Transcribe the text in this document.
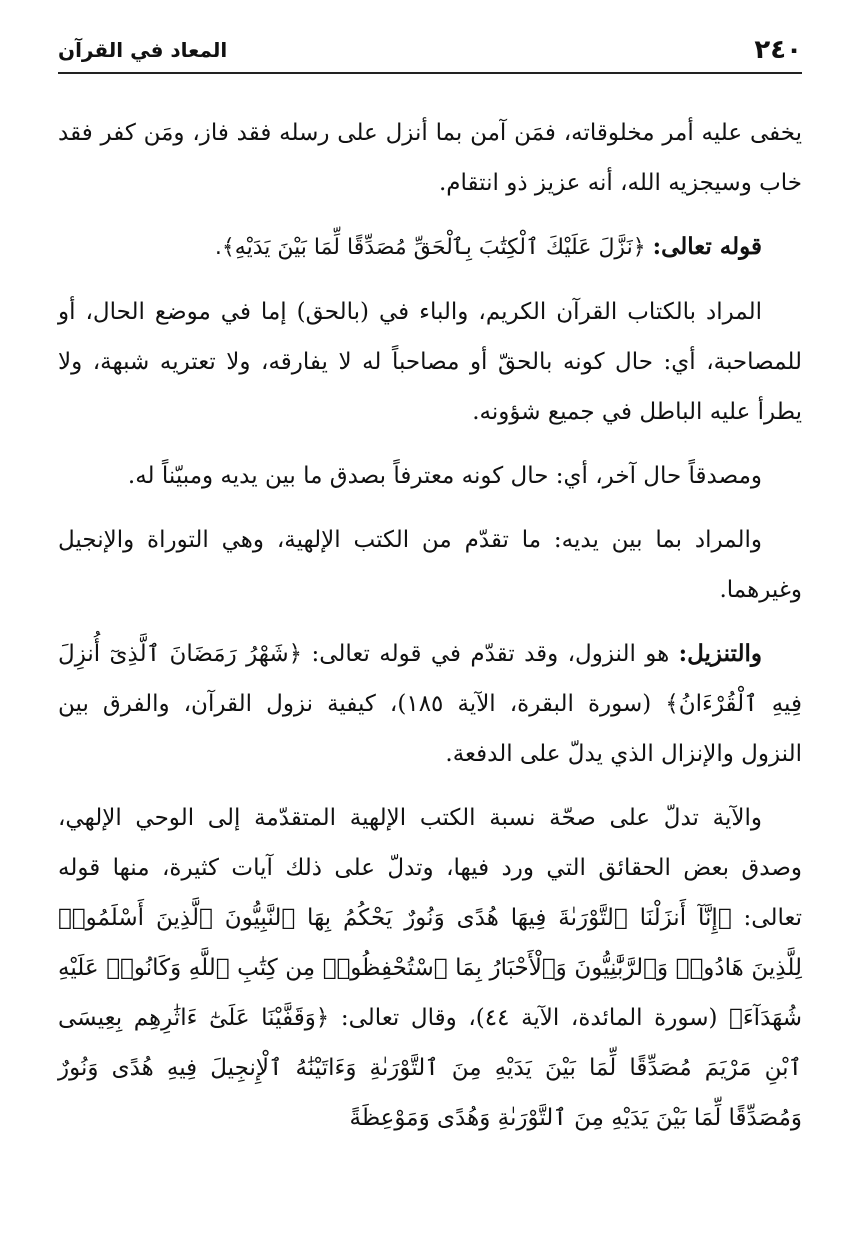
٢٤٠
المعاد في القرآن

يخفى عليه أمر مخلوقاته، فمَن آمن بما أنزل على رسله فقد فاز، ومَن كفر فقد خاب وسيجزيه الله، أنه عزيز ذو انتقام.

قوله تعالى: ﴿نَزَّلَ عَلَيْكَ ٱلْكِتَٰبَ بِٱلْحَقِّ مُصَدِّقًا لِّمَا بَيْنَ يَدَيْهِ﴾.

المراد بالكتاب القرآن الكريم، والباء في (بالحق) إما في موضع الحال، أو للمصاحبة، أي: حال كونه بالحقّ أو مصاحباً له لا يفارقه، ولا تعتريه شبهة، ولا يطرأ عليه الباطل في جميع شؤونه.

ومصدقاً حال آخر، أي: حال كونه معترفاً بصدق ما بين يديه ومبيّناً له.

والمراد بما بين يديه: ما تقدّم من الكتب الإلهية، وهي التوراة والإنجيل وغيرهما.

والتنزيل: هو النزول، وقد تقدّم في قوله تعالى: ﴿شَهْرُ رَمَضَانَ ٱلَّذِىٓ أُنزِلَ فِيهِ ٱلْقُرْءَانُ﴾ (سورة البقرة، الآية ١٨٥)، كيفية نزول القرآن، والفرق بين النزول والإنزال الذي يدلّ على الدفعة.

والآية تدلّ على صحّة نسبة الكتب الإلهية المتقدّمة إلى الوحي الإلهي، وصدق بعض الحقائق التي ورد فيها، وتدلّ على ذلك آيات كثيرة، منها قوله تعالى: ﴿إِنَّآ أَنزَلْنَا ٱلتَّوْرَىٰةَ فِيهَا هُدًى وَنُورٌ يَحْكُمُ بِهَا ٱلنَّبِيُّونَ ٱلَّذِينَ أَسْلَمُوا۟ لِلَّذِينَ هَادُوا۟ وَٱلرَّبَّٰنِيُّونَ وَٱلْأَحْبَارُ بِمَا ٱسْتُحْفِظُوا۟ مِن كِتَٰبِ ٱللَّهِ وَكَانُوا۟ عَلَيْهِ شُهَدَآءَ﴾ (سورة المائدة، الآية ٤٤)، وقال تعالى: ﴿وَقَفَّيْنَا عَلَىٰٓ ءَاثَٰرِهِم بِعِيسَى ٱبْنِ مَرْيَمَ مُصَدِّقًا لِّمَا بَيْنَ يَدَيْهِ مِنَ ٱلتَّوْرَىٰةِ وَءَاتَيْنَٰهُ ٱلْإِنجِيلَ فِيهِ هُدًى وَنُورٌ وَمُصَدِّقًا لِّمَا بَيْنَ يَدَيْهِ مِنَ ٱلتَّوْرَىٰةِ وَهُدًى وَمَوْعِظَةً
